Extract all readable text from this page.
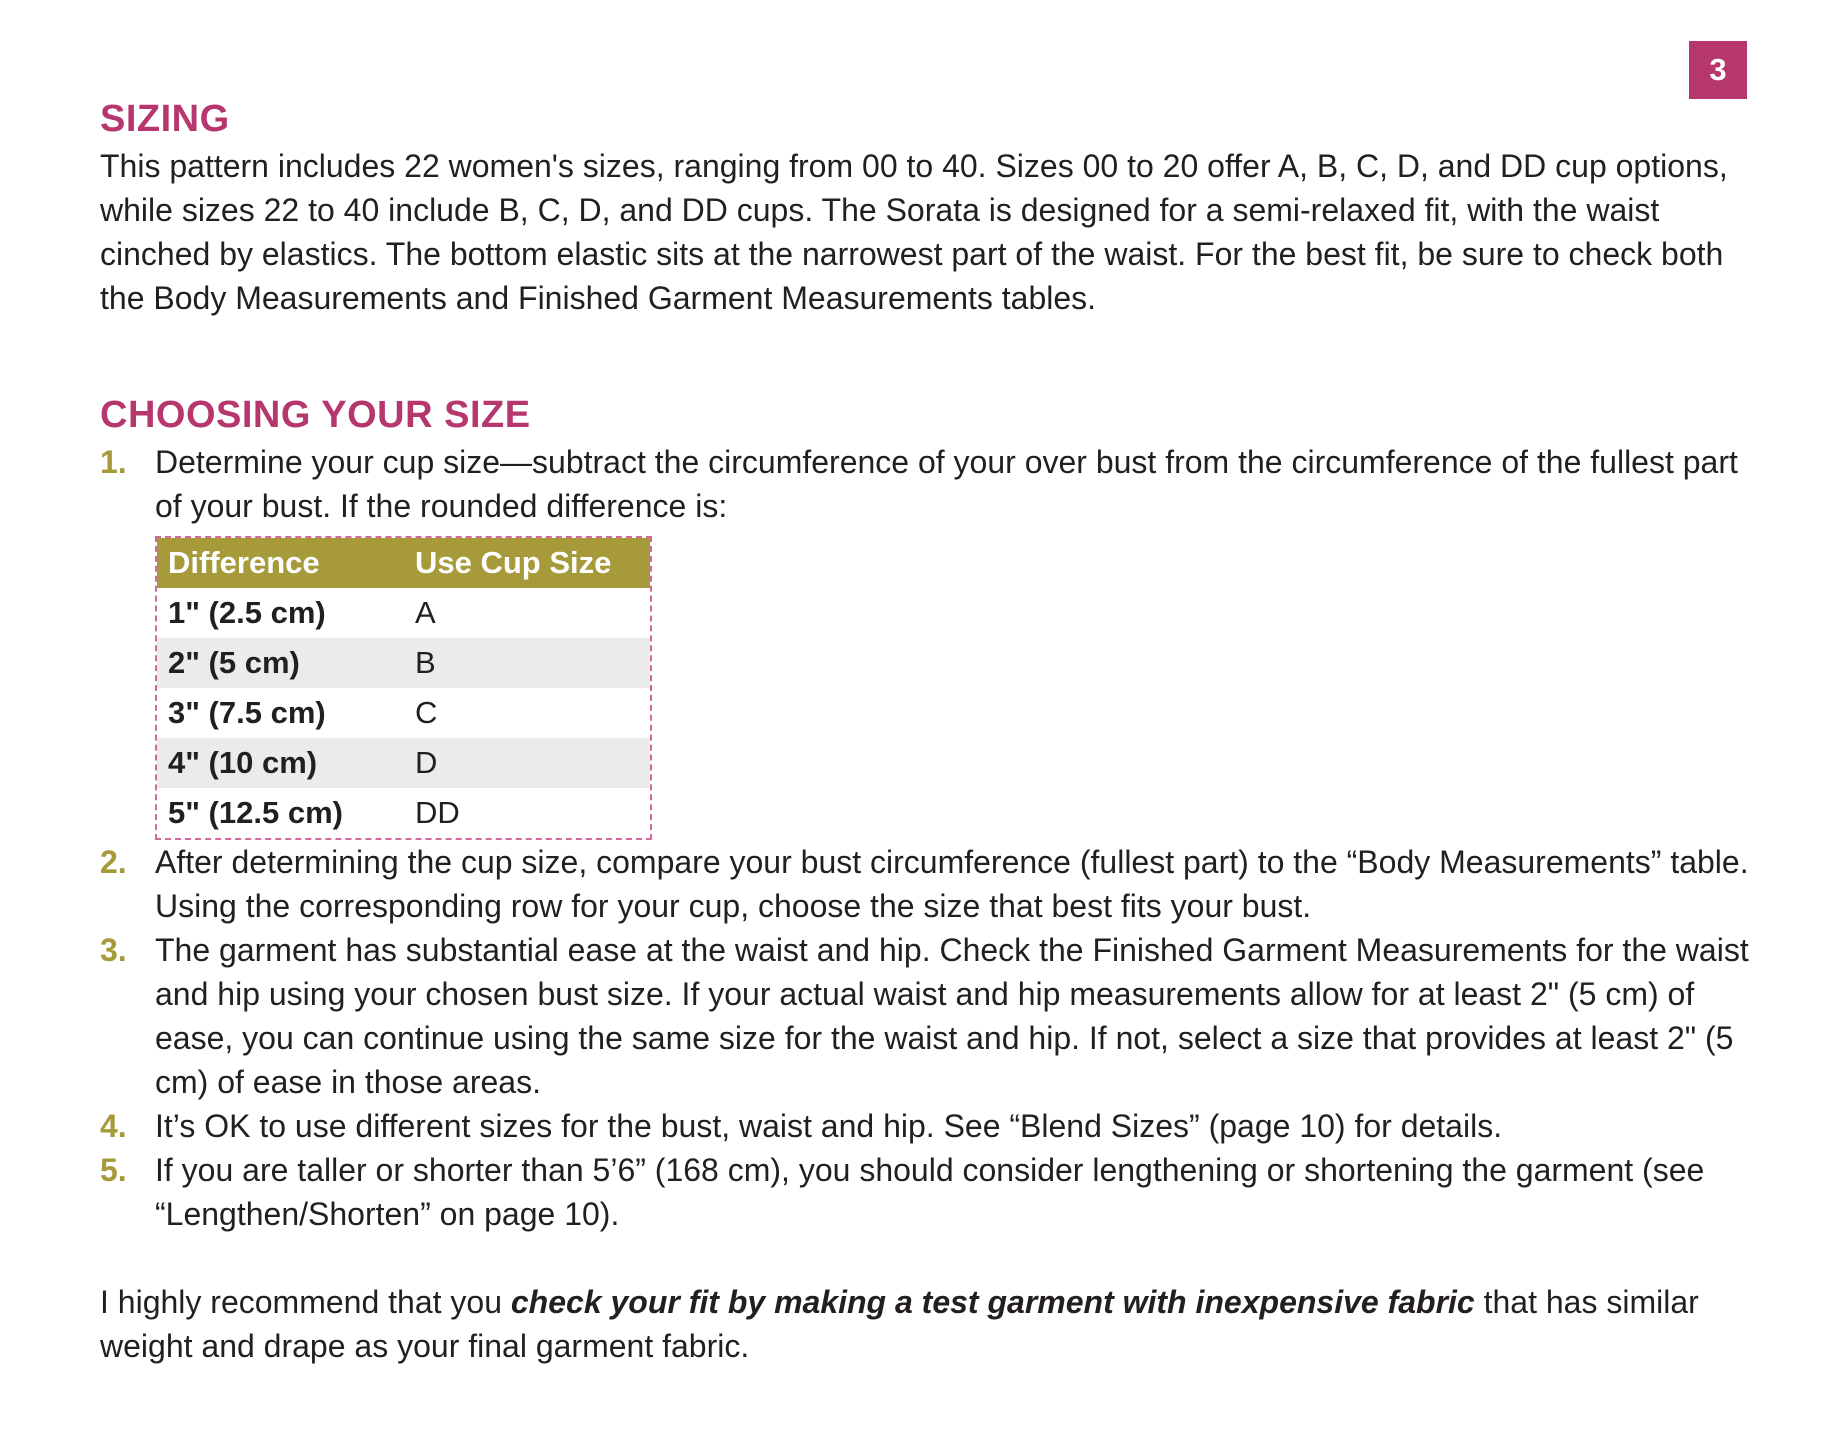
3
SIZING

This pattern includes 22 women's sizes, ranging from 00 to 40. Sizes 00 to 20 offer A, B, C, D, and DD cup options, while sizes 22 to 40 include B, C, D, and DD cups. The Sorata is designed for a semi-relaxed fit, with the waist cinched by elastics. The bottom elastic sits at the narrowest part of the waist. For the best fit, be sure to check both the Body Measurements and Finished Garment Measurements tables.

CHOOSING YOUR SIZE
1. Determine your cup size—subtract the circumference of your over bust from the circumference of the fullest part of your bust. If the rounded difference is:
Difference	Use Cup Size
1" (2.5 cm)	A
2" (5 cm)	B
3" (7.5 cm)	C
4" (10 cm)	D
5" (12.5 cm)	DD
2. After determining the cup size, compare your bust circumference (fullest part) to the “Body Measurements” table. Using the corresponding row for your cup, choose the size that best fits your bust.
3. The garment has substantial ease at the waist and hip. Check the Finished Garment Measurements for the waist and hip using your chosen bust size. If your actual waist and hip measurements allow for at least 2" (5 cm) of ease, you can continue using the same size for the waist and hip. If not, select a size that provides at least 2" (5 cm) of ease in those areas.
4. It’s OK to use different sizes for the bust, waist and hip. See “Blend Sizes” (page 10) for details.
5. If you are taller or shorter than 5’6” (168 cm), you should consider lengthening or shortening the garment (see “Lengthen/Shorten” on page 10).

I highly recommend that you check your fit by making a test garment with inexpensive fabric that has similar weight and drape as your final garment fabric.
